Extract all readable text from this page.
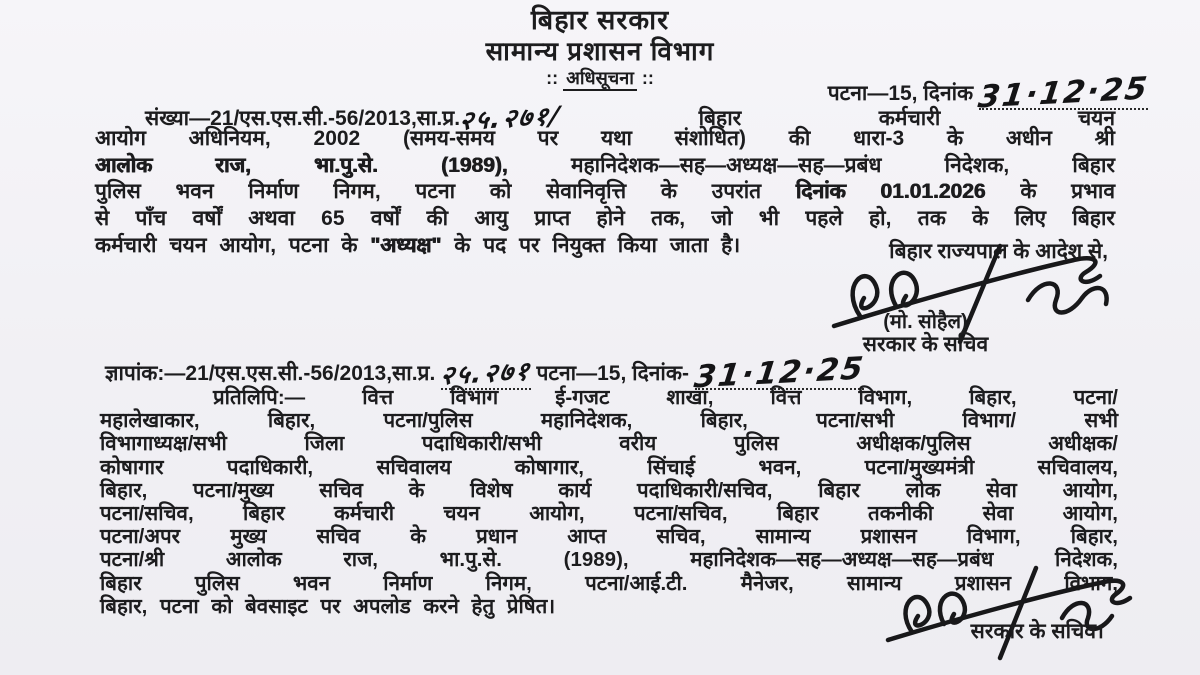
बिहार सरकार
सामान्य प्रशासन विभाग
:: अधिसूचना ::
पटना—15, दिनांक 31·12·25
संख्या—21/एस.एस.सी.-56/2013,सा.प्र.२५.२७१/	बिहार कर्मचारी चयन
आयोग अधिनियम, 2002 (समय-समय पर यथा संशोधित) की धारा-3 के अधीन श्री
आलोक राज, भा.पु.से. (1989),	महानिदेशक—सह—अध्यक्ष—सह—प्रबंध निदेशक, बिहार
पुलिस भवन निर्माण निगम, पटना को सेवानिवृत्ति के उपरांत दिनांक 01.01.2026 के प्रभाव
से पाँच वर्षों अथवा 65 वर्षों की आयु प्राप्त होने तक, जो भी पहले हो, तक के लिए बिहार
कर्मचारी चयन आयोग, पटना के "अध्यक्ष" के पद पर नियुक्त किया जाता है।	बिहार राज्यपाल के आदेश से,
(मो. सोहैल)
सरकार के सचिव
ज्ञापांक:—21/एस.एस.सी.-56/2013,सा.प्र. २५.२७१ पटना—15, दिनांक- 31·12·25
प्रतिलिपि:— वित्त विभाग ई-गजट शाखा, वित्त विभाग, बिहार, पटना/
महालेखाकार, बिहार, पटना/पुलिस महानिदेशक, बिहार, पटना/सभी विभाग/ सभी
विभागाध्यक्ष/सभी जिला पदाधिकारी/सभी वरीय पुलिस अधीक्षक/पुलिस अधीक्षक/
कोषागार पदाधिकारी, सचिवालय कोषागार, सिंचाई भवन, पटना/मुख्यमंत्री सचिवालय,
बिहार, पटना/मुख्य सचिव के विशेष कार्य पदाधिकारी/सचिव, बिहार लोक सेवा आयोग,
पटना/सचिव, बिहार कर्मचारी चयन आयोग, पटना/सचिव, बिहार तकनीकी सेवा आयोग,
पटना/अपर मुख्य सचिव के प्रधान आप्त सचिव, सामान्य प्रशासन विभाग, बिहार,
पटना/श्री आलोक राज, भा.पु.से. (1989), महानिदेशक—सह—अध्यक्ष—सह—प्रबंध निदेशक,
बिहार पुलिस भवन निर्माण निगम, पटना/आई.टी. मैनेजर, सामान्य प्रशासन विभाग,
बिहार, पटना को बेवसाइट पर अपलोड करने हेतु प्रेषित।
सरकार के सचिव।
